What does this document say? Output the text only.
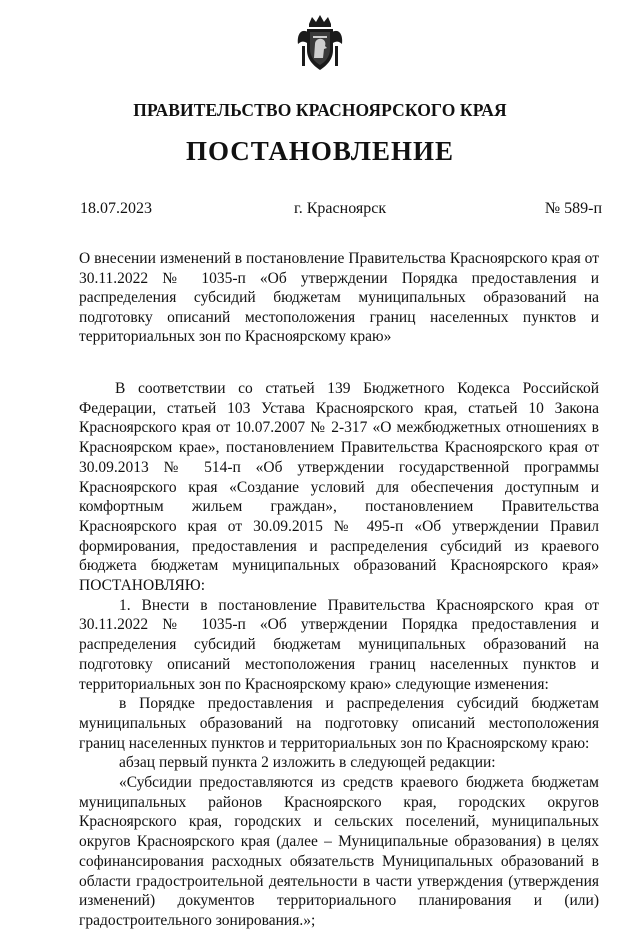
ПРАВИТЕЛЬСТВО КРАСНОЯРСКОГО КРАЯ
ПОСТАНОВЛЕНИЕ
18.07.2023	г. Красноярск	№ 589-п

О внесении изменений в постановление Правительства Красноярского края от 30.11.2022 № 1035-п «Об утверждении Порядка предоставления и распределения субсидий бюджетам муниципальных образований на подготовку описаний местоположения границ населенных пунктов и территориальных зон по Красноярскому краю»

В соответствии со статьей 139 Бюджетного Кодекса Российской Федерации, статьей 103 Устава Красноярского края, статьей 10 Закона Красноярского края от 10.07.2007 № 2-317 «О межбюджетных отношениях в Красноярском крае», постановлением Правительства Красноярского края от 30.09.2013 № 514-п «Об утверждении государственной программы Красноярского края «Создание условий для обеспечения доступным и комфортным жильем граждан», постановлением Правительства Красноярского края от 30.09.2015 № 495-п «Об утверждении Правил формирования, предоставления и распределения субсидий из краевого бюджета бюджетам муниципальных образований Красноярского края» ПОСТАНОВЛЯЮ:

1. Внести в постановление Правительства Красноярского края от 30.11.2022 № 1035-п «Об утверждении Порядка предоставления и распределения субсидий бюджетам муниципальных образований на подготовку описаний местоположения границ населенных пунктов и территориальных зон по Красноярскому краю» следующие изменения:

в Порядке предоставления и распределения субсидий бюджетам муниципальных образований на подготовку описаний местоположения границ населенных пунктов и территориальных зон по Красноярскому краю:

абзац первый пункта 2 изложить в следующей редакции:

«Субсидии предоставляются из средств краевого бюджета бюджетам муниципальных районов Красноярского края, городских округов Красноярского края, городских и сельских поселений, муниципальных округов Красноярского края (далее – Муниципальные образования) в целях софинансирования расходных обязательств Муниципальных образований в области градостроительной деятельности в части утверждения (утверждения изменений) документов территориального планирования и (или) градостроительного зонирования.»;
